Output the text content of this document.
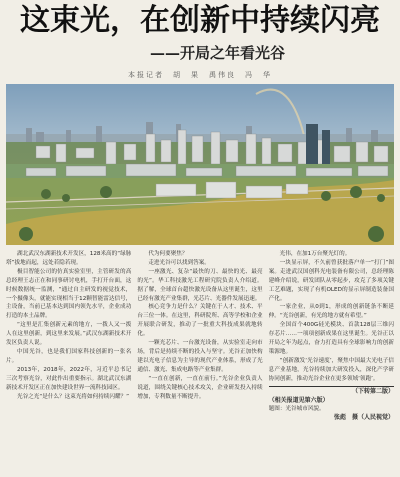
这束光，在创新中持续闪亮
——开局之年看光谷
本报记者　胡　果　禹伟良　冯　华

湖北武汉东湖新技术开发区，128米高的“绿脉塔”拔地而起，远处若隐若现。

极目智能公司的仿真实验室里，主管研发的高总经理王志正在和同事研讨电机，手打开台面，这时候数据统一监测，“通过自主研发的视觉技术，一个摄像头，就能实现相当于12颗智能雷达信号，主设备，当前已基本达到国内领先水平，企业成功打造的本土品牌。

“这里是汇集创新元素的地方，一拨人又一拨人在这里创新，到这里来发展。”武汉东湖新技术开发区负责人说。

中国光谷，也是我们国家科技创新的一张名片。

2013年，2018年，2022年，习近平总书记三次考察光谷，对此作出重要指示。湖北武汉东湖新技术开发区正在加快建设世界一流科技园区。

光谷之光“是什么？这束光将如何持续闪耀？”

代为何要聚焦？

走进光谷可以找到答案。

一座激光、复杂“最快的刀、最快的光、最亮的光”。华工科技激光工程研究院负责人介绍道。据了解，全球首台超快激光设备从这里诞生，这里已经有激光产业集群，光芯片、光器件发展迅速。

核心竞争力是什么？关键在于人才、技术、平台三位一体。在这里，科研院所、高等学校和企业开展联合研发，推动了一批重大科技成果就地转化。

一颗光芯片、一台激光设备，从实验室走向市场，背后是持续不断的投入与坚守。光谷正加快构建以光电子信息为主导的现代产业体系，形成了光通信、激光、集成电路等产业集群。

“一直在创新，一直在前行。”光谷企业负责人说道，围绕关键核心技术攻关，企业研发投入持续增加，专利数量不断提升。

光伟，在加1万台聚光灯的。

一块显示屏，不久前曾获批落户单一“打门”图案。走进武汉国创科光电装备有限公司，总经理陈建峰介绍说，研发团队从零起步，攻克了多项关键工艺难题，实现了有机OLED的显示屏制造装备国产化。

一家企业，从0到1，形成的创新链条不断延伸。“光谷创新，有光的地方就有希望。”

全国首个400G硅光模块、首款128层三维闪存芯片……一项项创新成果在这里诞生。光谷正以开局之年为起点，奋力打造具有全球影响力的创新策源地。

“创新激发‘光谷速度’，聚焦中国最大光电子信息产业基地，光谷持续加大研发投入，深化产学研协同创新，推动光谷企业在更多领域‘领跑’。

（下转第二版）
（相关报道见第六版）
题图：光谷城市风貌。
张彪　摄（人民视觉）
